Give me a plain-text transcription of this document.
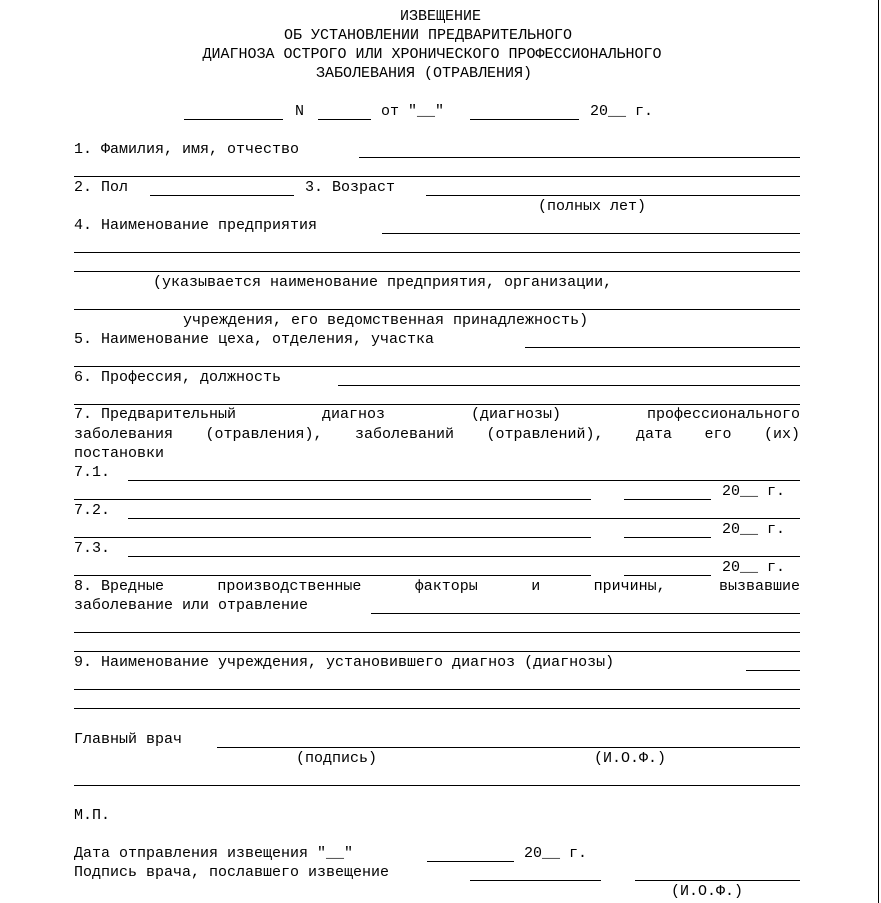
ИЗВЕЩЕНИЕ
ОБ УСТАНОВЛЕНИИ ПРЕДВАРИТЕЛЬНОГО
ДИАГНОЗА ОСТРОГО ИЛИ ХРОНИЧЕСКОГО ПРОФЕССИОНАЛЬНОГО
ЗАБОЛЕВАНИЯ (ОТРАВЛЕНИЯ)
N	от "__"	20__ г.
1. Фамилия, имя, отчество
2. Пол	3. Возраст
(полных лет)
4. Наименование предприятия
(указывается наименование предприятия, организации,
учреждения, его ведомственная принадлежность)
5. Наименование цеха, отделения, участка
6. Профессия, должность
7. Предварительный	диагноз	(диагнозы)	профессионального
заболевания (отравления), заболеваний (отравлений), дата его (их)
постановки
7.1.
20__ г.
7.2.
20__ г.
7.3.
20__ г.
8. Вредные	производственные	факторы	и	причины,	вызвавшие
заболевание или отравление
9. Наименование учреждения, установившего диагноз (диагнозы)
Главный врач
(подпись)	(И.О.Ф.)
М.П.
Дата отправления извещения "__"	20__ г.
Подпись врача, пославшего извещение
(И.О.Ф.)
